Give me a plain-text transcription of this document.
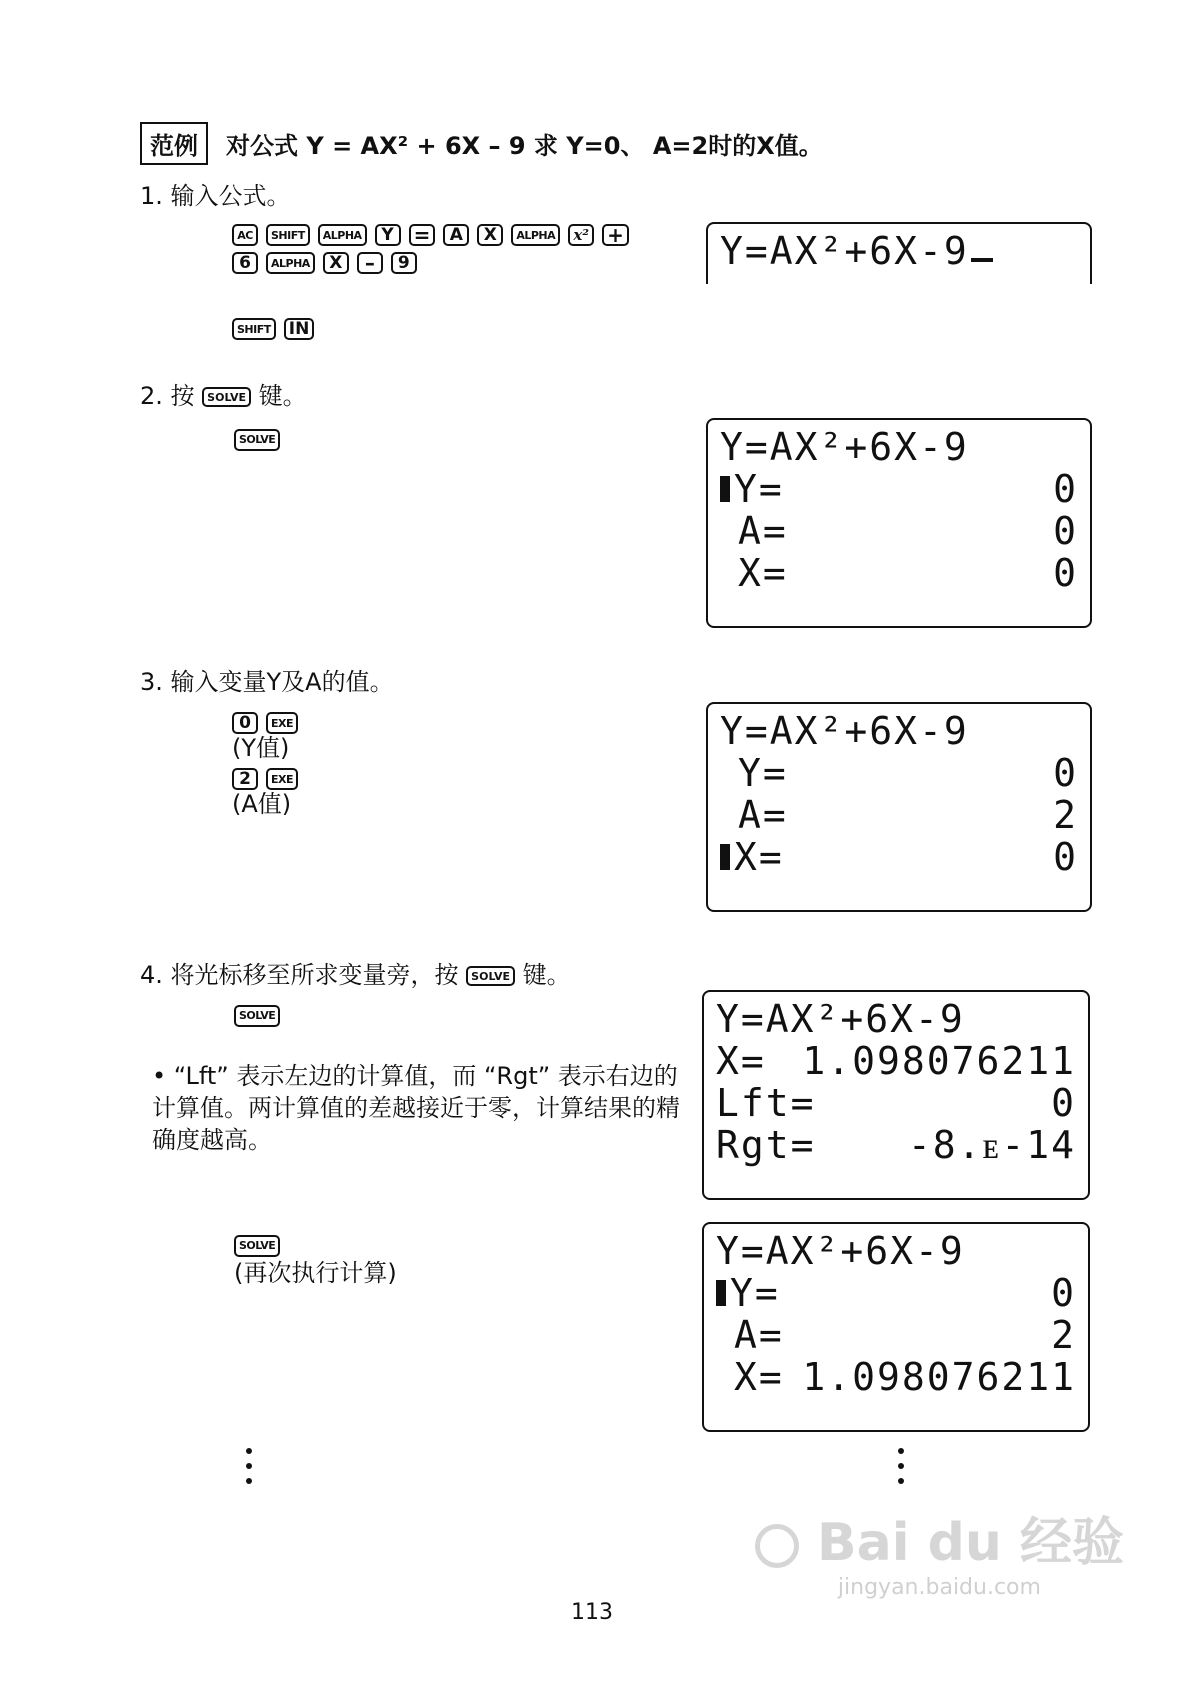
范例	对公式 Y = AX² + 6X – 9 求 Y=0、 A=2时的X值。
1. 输入公式。
AC	SHIFT	ALPHA	Y =	A	X	ALPHA	x² +
6	ALPHA	X	–	9
SHIFT IN
Y=AX²+6X-9
2. 按 SOLVE 键。
SOLVE	Y=AX²+6X-9
Y=	0
A=	0
X=	0
3. 输入变量Y及A的值。
0	EXE
(Y值)
2	EXE
(A值)
Y=AX²+6X-9
Y=	0
A=	2
X=	0
4. 将光标移至所求变量旁，按 SOLVE 键。
SOLVE
• “Lft” 表示左边的计算值，而 “Rgt” 表示右边的计算值。两计算值的差越接近于零，计算结果的精确度越高。
Y=AX²+6X-9
X= 1.098076211
Lft=	0
Rgt= -8.ᴇ-14
SOLVE
(再次执行计算)	Y=AX²+6X-9
Y=	0
A=	2
X= 1.098076211
113
Bai du 经验
jingyan.baidu.com
